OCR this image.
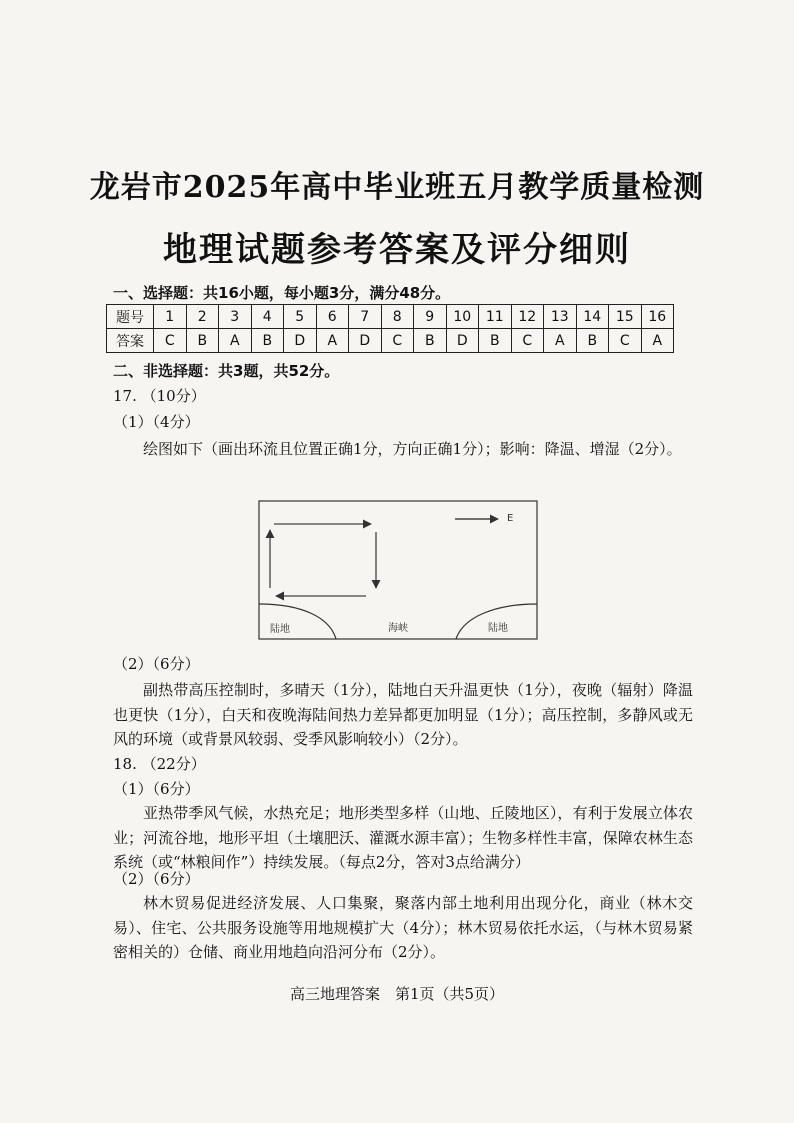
龙岩市2025年高中毕业班五月教学质量检测
地理试题参考答案及评分细则
一、选择题：共16小题，每小题3分，满分48分。
题号	1	2	3	4	5	6	7	8	9	10	11	12	13	14	15	16
答案	C	B	A	B	D	A	D	C	B	D	B	C	A	B	C	A
二、非选择题：共3题，共52分。
17. （10分）
（1）（4分）
绘图如下（画出环流且位置正确1分，方向正确1分）；影响：降温、增湿（2分）。
E
陆地	海峡	陆地
（2）（6分）
副热带高压控制时，多晴天（1分），陆地白天升温更快（1分），夜晚（辐射）降温也更快（1分），白天和夜晚海陆间热力差异都更加明显（1分）；高压控制，多静风或无风的环境（或背景风较弱、受季风影响较小）（2分）。
18. （22分）
（1）（6分）
亚热带季风气候，水热充足；地形类型多样（山地、丘陵地区），有利于发展立体农业；河流谷地，地形平坦（土壤肥沃、灌溉水源丰富）；生物多样性丰富，保障农林生态系统（或“林粮间作”）持续发展。（每点2分，答对3点给满分）
（2）（6分）
林木贸易促进经济发展、人口集聚，聚落内部土地利用出现分化，商业（林木交易）、住宅、公共服务设施等用地规模扩大（4分）；林木贸易依托水运，（与林木贸易紧密相关的）仓储、商业用地趋向沿河分布（2分）。
高三地理答案　第1页（共5页）
